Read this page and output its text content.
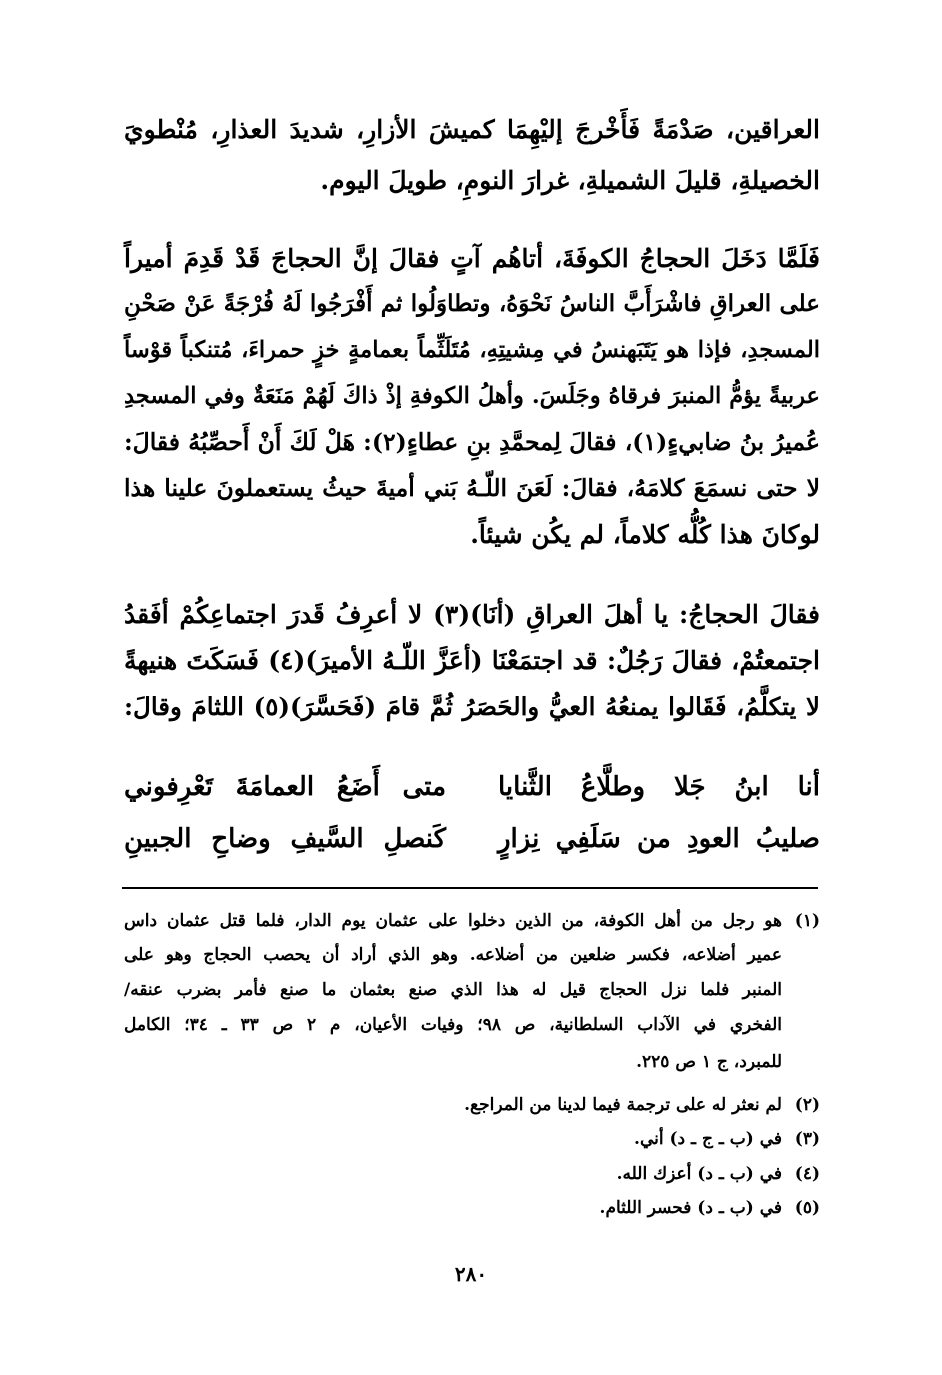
العراقين، صَدْمَةً فَأَخْرجَ إليْهِمَا كميشَ الأزارِ، شديدَ العذارِ، مُنْطويَ
الخصيلةِ، قليلَ الشميلةِ، غرارَ النومِ، طويلَ اليوم.
فَلَمَّا دَخَلَ الحجاجُ الكوفَةَ، أتاهُم آتٍ فقالَ إنَّ الحجاجَ قَدْ قَدِمَ أميراً
على العراقِ فاشْرَأَبَّ الناسُ نَحْوَهُ، وتطاوَلُوا ثم أَفْرَجُوا لَهُ فُرْجَةً عَنْ صَحْنِ
المسجدِ، فإذا هو يَتَبَهنسُ في مِشيتِهِ، مُتَلَثِّماً بعمامةٍ خزٍ حمراءَ، مُتنكباً قوْساً
عربيةً يؤمُّ المنبرَ فرقاهُ وجَلَسَ. وأهلُ الكوفةِ إذْ ذاكَ لَهُمْ مَنَعَةٌ وفي المسجدِ
عُميرُ بنُ ضابيءٍ(١)، فقالَ لِمحمَّدِ بنِ عطاءٍ(٢): هَلْ لَكَ أَنْ أَحصِّبُهُ فقالَ:
لا حتى نسمَعَ كلامَهُ، فقالَ: لَعَنَ اللّـهُ بَني أميةَ حيثُ يستعملونَ علينا هذا
لوكانَ هذا كُلُّه كلاماً، لم يكُن شيئاً.
فقالَ الحجاجُ: يا أهلَ العراقِ (أنَا)(٣) لا أعرِفُ قَدرَ اجتماعِكُمْ أفَقدُ
اجتمعتُمْ، فقالَ رَجُلٌ: قد اجتمَعْنَا (أعَزَّ اللّـهُ الأميرَ)(٤) فَسَكَتَ هنيهةً
لا يتكلَّمُ، فَقَالوا يمنعُهُ العيُّ والحَصَرُ ثُمَّ قامَ (فَحَسَّرَ)(٥) اللثامَ وقالَ:
أنا ابنُ جَلا وطلَّاعُ الثَّنايا
متى أَضَعُ العمامَةَ تَعْرِفوني
صليبُ العودِ من سَلَفِي نِزارٍ
كَنصلِ السَّيفِ وضاحِ الجبينِ
(١)هو رجل من أهل الكوفة، من الذين دخلوا على عثمان يوم الدار، فلما قتل عثمان داس
عمير أضلاعه، فكسر ضلعين من أضلاعه. وهو الذي أراد أن يحصب الحجاج وهو على
المنبر فلما نزل الحجاج قيل له هذا الذي صنع بعثمان ما صنع فأمر بضرب عنقه/
الفخري في الآداب السلطانية، ص ٩٨؛ وفيات الأعيان، م ٢ ص ٣٣ ـ ٣٤؛ الكامل
للمبرد، ج ١ ص ٢٢٥.
(٢)لم نعثر له على ترجمة فيما لدينا من المراجع.
(٣)في (ب ـ ج ـ د) أني.
(٤)في (ب ـ د) أعزك الله.
(٥)في (ب ـ د) فحسر اللثام.
٢٨٠
